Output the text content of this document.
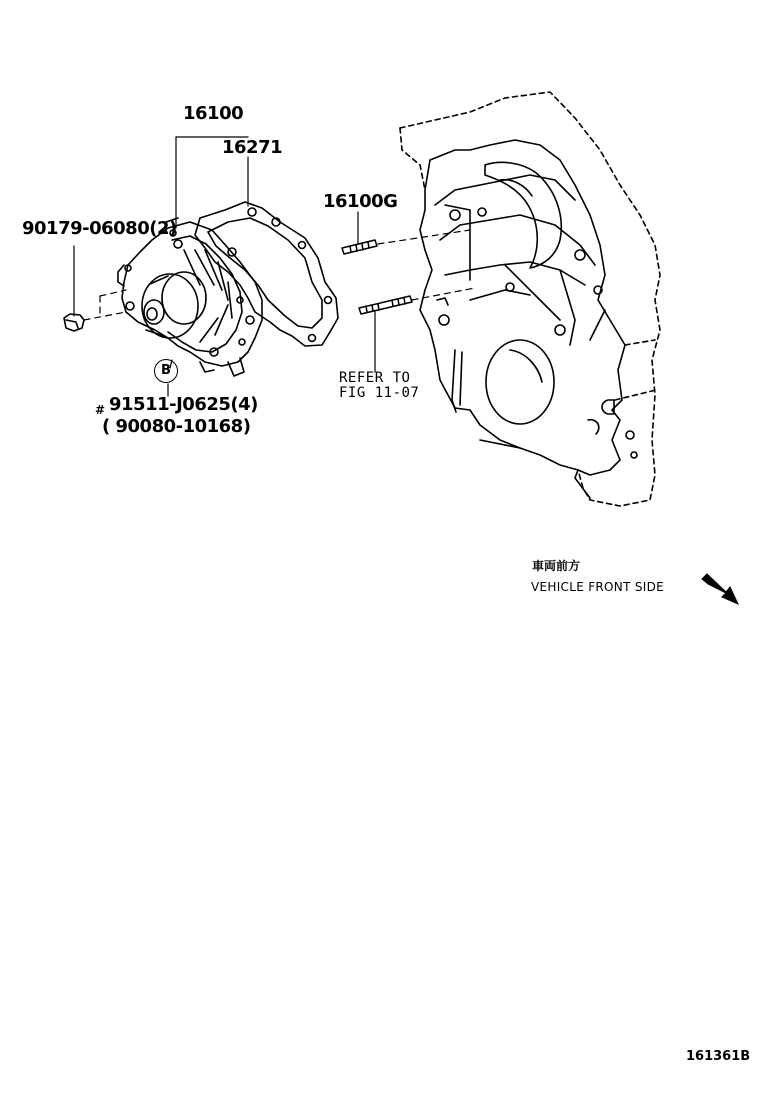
16100
16271
16100G
90179-06080(2)
B
# 91511-J0625(4)
( 90080-10168)
REFER TO
FIG 11-07
車両前方
VEHICLE FRONT SIDE
161361B
